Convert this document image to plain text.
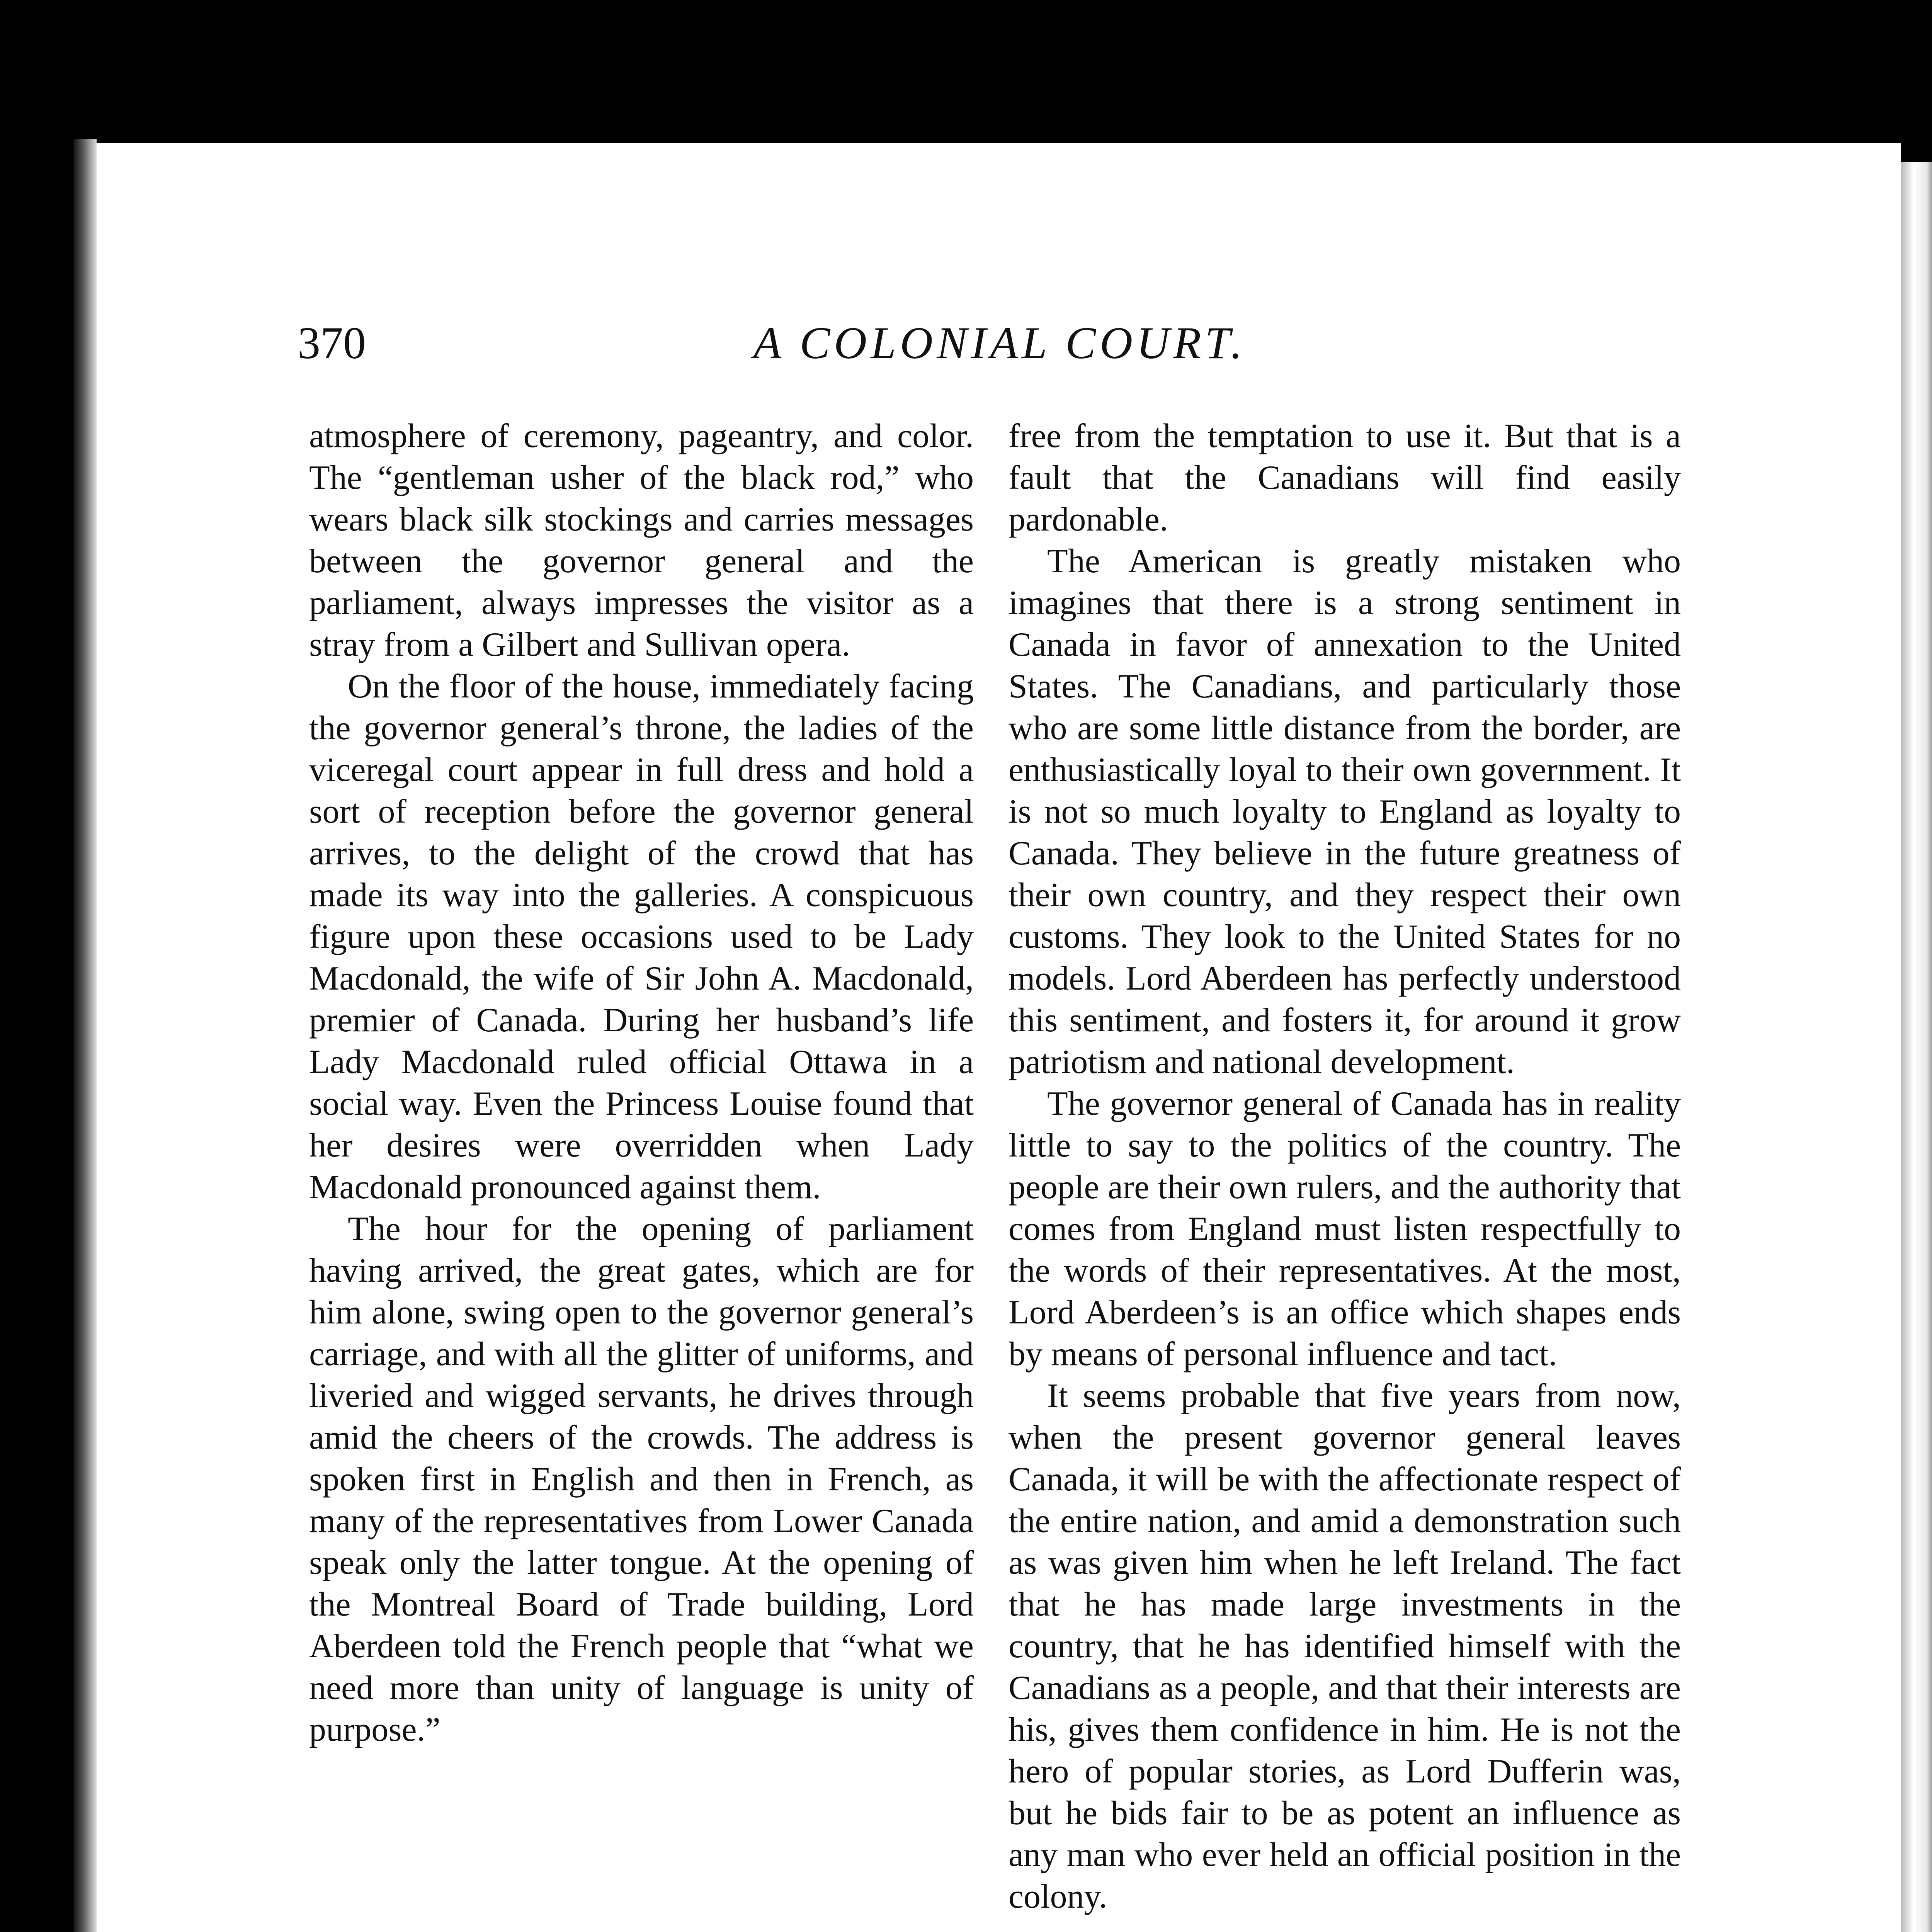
370	A COLONIAL COURT.

atmosphere of ceremony, pageantry, and color. The “gentleman usher of the black rod,” who wears black silk stockings and carries messages between the governor general and the parliament, always impresses the visitor as a stray from a Gilbert and Sullivan opera.

On the floor of the house, immediately facing the governor general’s throne, the ladies of the viceregal court appear in full dress and hold a sort of reception before the governor general arrives, to the delight of the crowd that has made its way into the galleries. A conspicuous figure upon these occasions used to be Lady Macdonald, the wife of Sir John A. Macdonald, premier of Canada. During her husband’s life Lady Macdonald ruled official Ottawa in a social way. Even the Princess Louise found that her desires were overridden when Lady Macdonald pronounced against them.

The hour for the opening of parliament having arrived, the great gates, which are for him alone, swing open to the governor general’s carriage, and with all the glitter of uniforms, and liveried and wigged servants, he drives through amid the cheers of the crowds. The address is spoken first in English and then in French, as many of the representatives from Lower Canada speak only the latter tongue. At the opening of the Montreal Board of Trade building, Lord Aberdeen told the French people that “what we need more than unity of language is unity of purpose.”

free from the temptation to use it. But that is a fault that the Canadians will find easily pardonable.

The American is greatly mistaken who imagines that there is a strong sentiment in Canada in favor of annexation to the United States. The Canadians, and particularly those who are some little distance from the border, are enthusiastically loyal to their own government. It is not so much loyalty to England as loyalty to Canada. They believe in the future greatness of their own country, and they respect their own customs. They look to the United States for no models. Lord Aberdeen has perfectly understood this sentiment, and fosters it, for around it grow patriotism and national development.

The governor general of Canada has in reality little to say to the politics of the country. The people are their own rulers, and the authority that comes from England must listen respectfully to the words of their representatives. At the most, Lord Aberdeen’s is an office which shapes ends by means of personal influence and tact.

It seems probable that five years from now, when the present governor general leaves Canada, it will be with the affectionate respect of the entire nation, and amid a demonstration such as was given him when he left Ireland. The fact that he has made large investments in the country, that he has identified himself with the Canadians as a people, and that their interests are his, gives them confidence in him. He is not the hero of popular stories, as Lord Dufferin was, but he bids fair to be as potent an influence as any man who ever held an official position in the colony.
